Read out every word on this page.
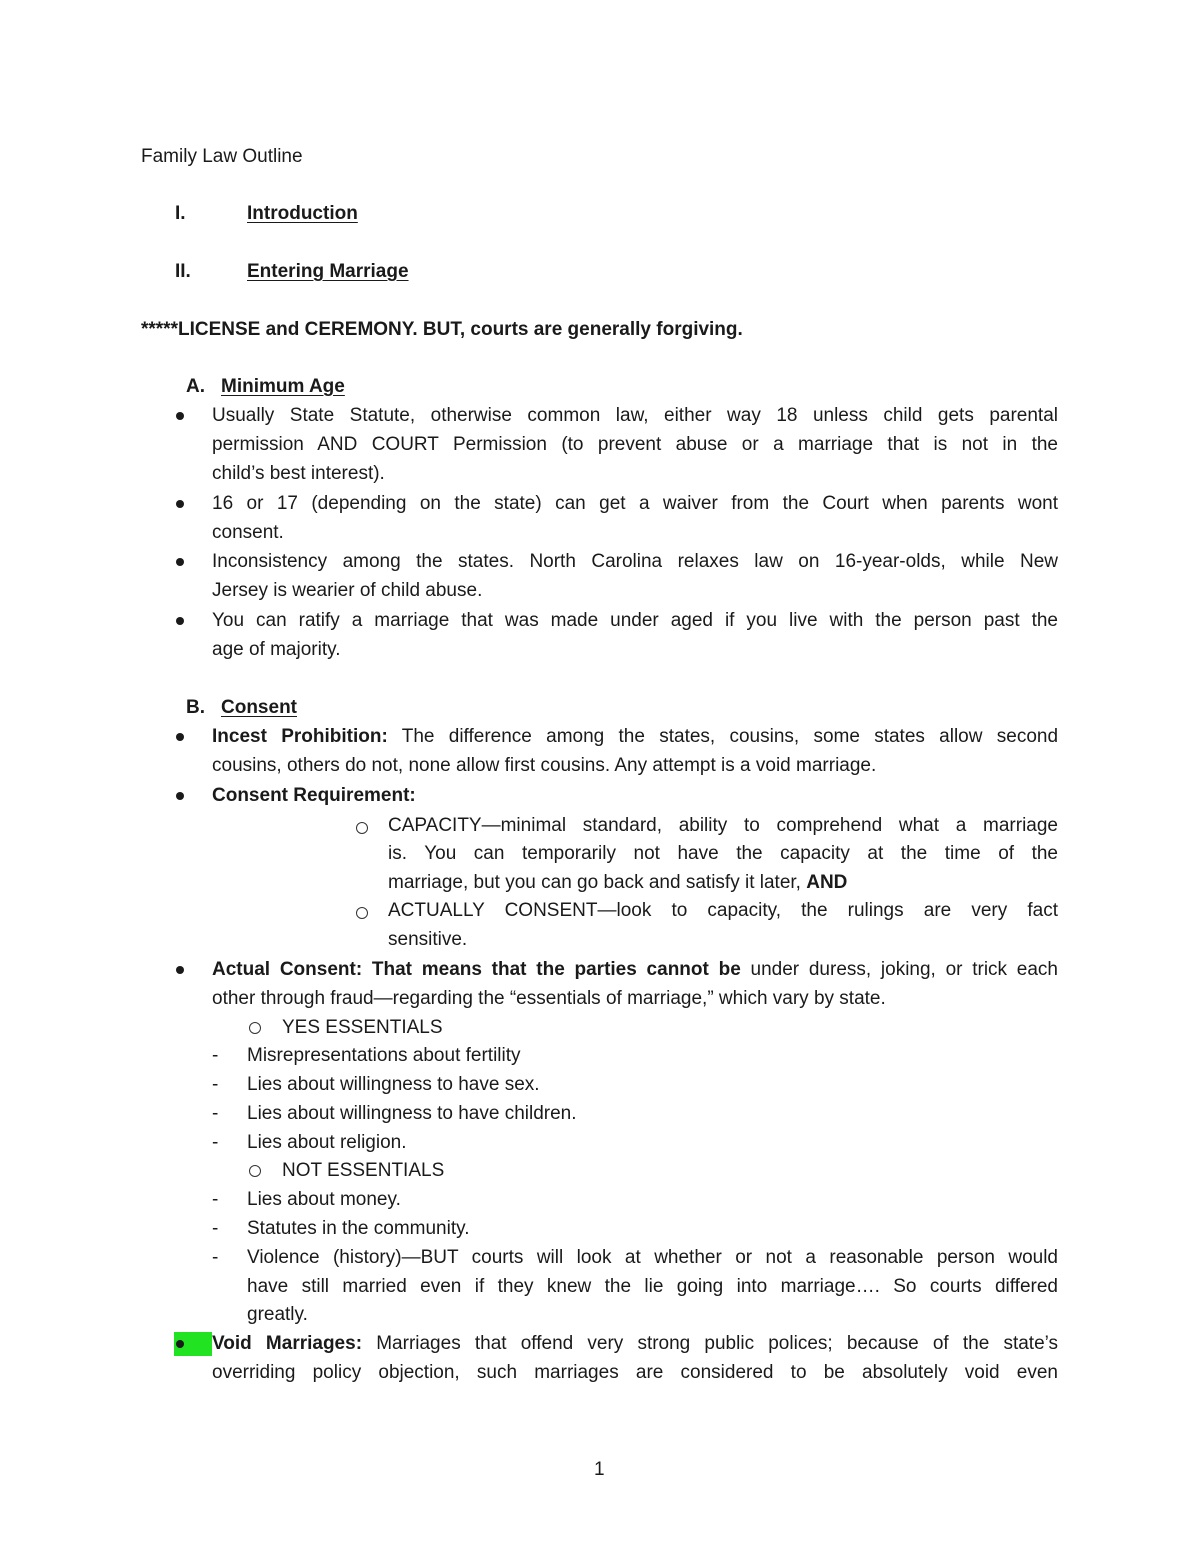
Family Law Outline
I.	Introduction
II.	Entering Marriage
*****LICENSE and CEREMONY. BUT, courts are generally forgiving.
A. Minimum Age
Usually State Statute, otherwise common law, either way 18 unless child gets parental
permission AND COURT Permission (to prevent abuse or a marriage that is not in the
child’s best interest).
16 or 17 (depending on the state) can get a waiver from the Court when parents wont
consent.
Inconsistency among the states. North Carolina relaxes law on 16-year-olds, while New
Jersey is wearier of child abuse.
You can ratify a marriage that was made under aged if you live with the person past the
age of majority.
B. Consent
Incest Prohibition: The difference among the states, cousins, some states allow second
cousins, others do not, none allow first cousins. Any attempt is a void marriage.
Consent Requirement:
CAPACITY—minimal standard, ability to comprehend what a marriage
is. You can temporarily not have the capacity at the time of the
marriage, but you can go back and satisfy it later, AND
ACTUALLY CONSENT—look to capacity, the rulings are very fact
sensitive.
Actual Consent: That means that the parties cannot be under duress, joking, or trick each
other through fraud—regarding the “essentials of marriage,” which vary by state.
YES ESSENTIALS
- Misrepresentations about fertility
- Lies about willingness to have sex.
- Lies about willingness to have children.
- Lies about religion.
NOT ESSENTIALS
- Lies about money.
- Statutes in the community.
- Violence (history)—BUT courts will look at whether or not a reasonable person would
have still married even if they knew the lie going into marriage…. So courts differed
greatly.
Void Marriages: Marriages that offend very strong public polices; because of the state’s
overriding policy objection, such marriages are considered to be absolutely void even
1
